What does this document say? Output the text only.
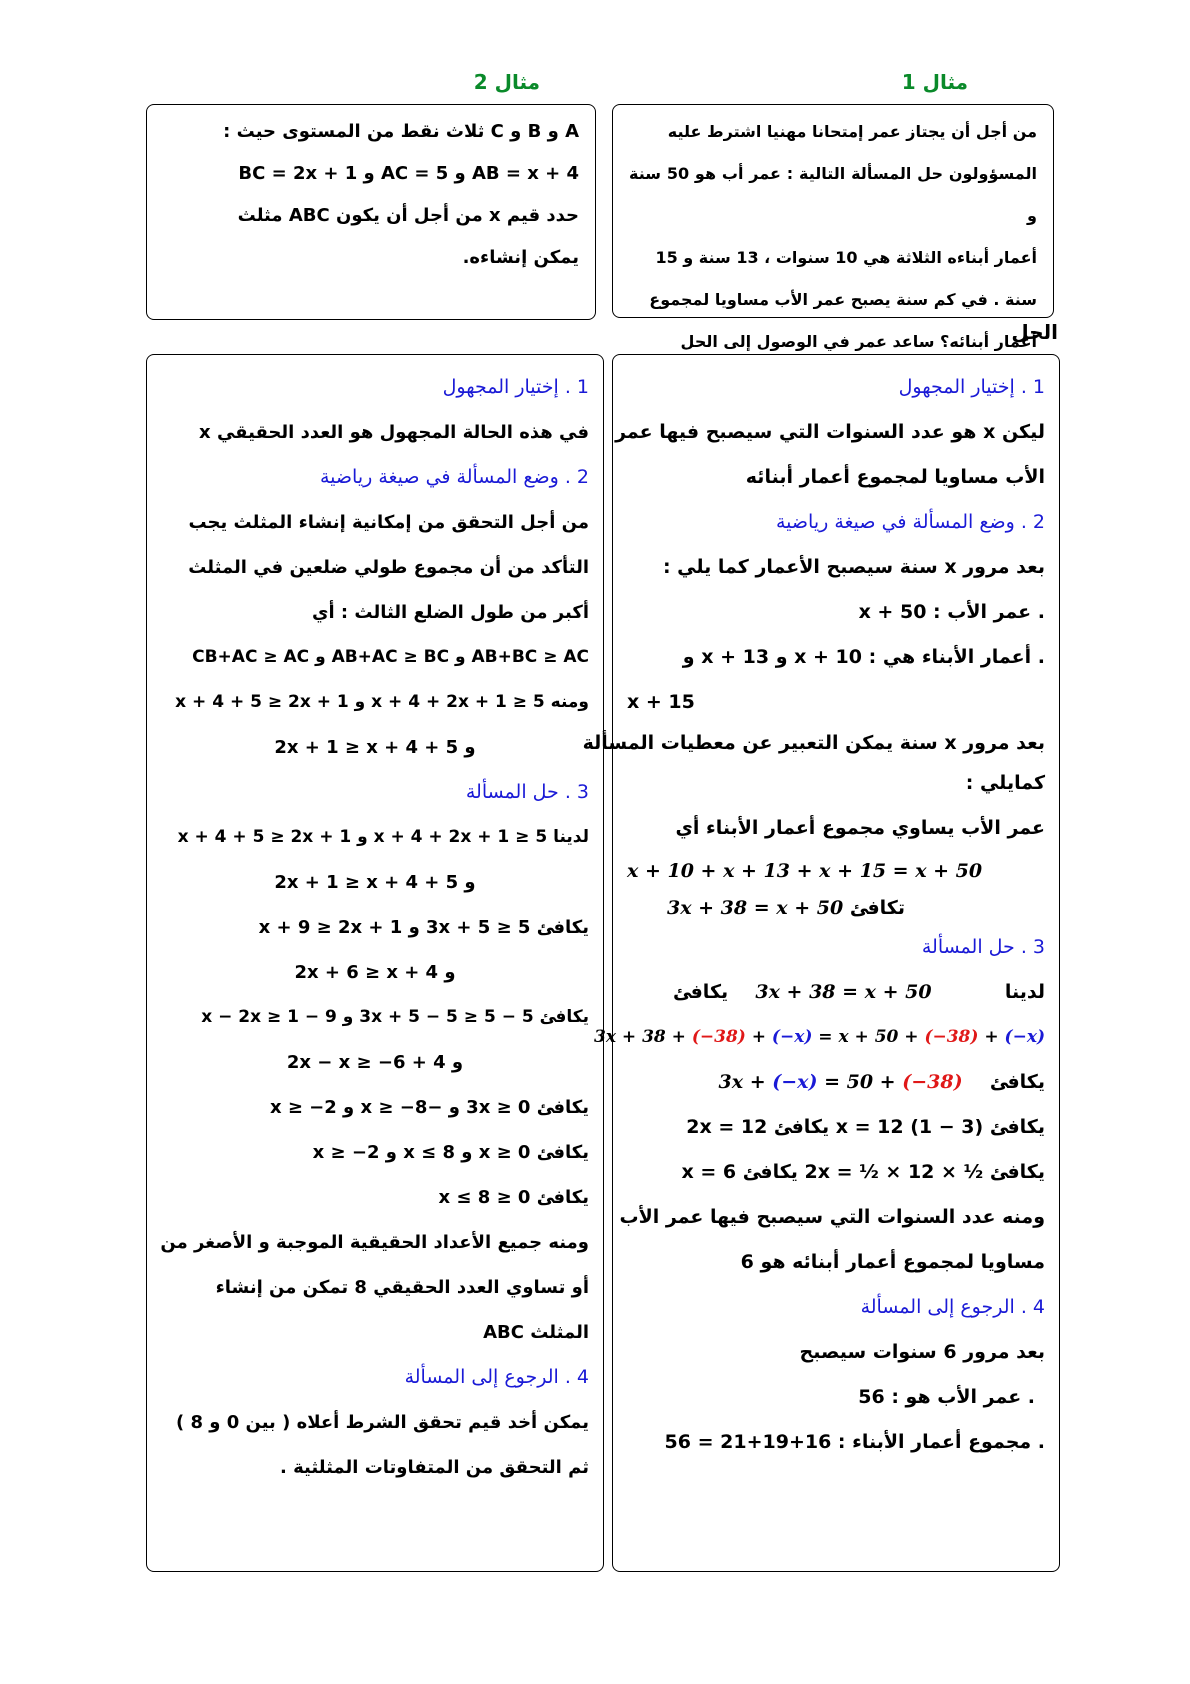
مثال 1
مثال 2
من أجل أن يجتاز عمر إمتحانا مهنيا اشترط عليه
المسؤولون حل المسألة التالية : عمر أب هو 50 سنة و
أعمار أبناءه الثلاثة هي 10 سنوات ، 13 سنة و 15
سنة . في كم سنة يصبح عمر الأب مساويا لمجموع
أعمار أبنائه؟ ساعد عمر في الوصول إلى الحل
A و B و C ثلاث نقط من المستوى حيث :
AB = x + 4 و AC = 5 و BC = 2x + 1
حدد قيم x من أجل أن يكون ABC مثلث
يمكن إنشاءه.
الحل
1 . إختيار المجهول
ليكن x هو عدد السنوات التي سيصبح فيها عمر
الأب مساويا لمجموع أعمار أبنائه
2 . وضع المسألة في صيغة رياضية
بعد مرور x سنة سيصبح الأعمار كما يلي :
. عمر الأب : x + 50
. أعمار الأبناء هي : x + 10 و x + 13 و
x + 15
بعد مرور x سنة يمكن التعبير عن معطيات المسألة
كمايلي :
عمر الأب يساوي مجموع أعمار الأبناء أي
x + 10 + x + 13 + x + 15 = x + 50
تكافئ 3x + 38 = x + 50
3 . حل المسألة
لدينا  3x + 38 = x + 50  يكافئ
3x + 38 + (−38) + (−x) = x + 50 + (−38) + (−x)
يكافئ  3x + (−x) = 50 + (−38)
يكافئ (3 − 1) x = 12 يكافئ 2x = 12
يكافئ ½ × 2x = ½ × 12 يكافئ x = 6
ومنه عدد السنوات التي سيصبح فيها عمر الأب
مساويا لمجموع أعمار أبنائه هو 6
4 . الرجوع إلى المسألة
بعد مرور 6 سنوات سيصبح
. عمر الأب هو : 56
. مجموع أعمار الأبناء : 16+19+21 = 56
1 . إختيار المجهول
في هذه الحالة المجهول هو العدد الحقيقي x
2 . وضع المسألة في صيغة رياضية
من أجل التحقق من إمكانية إنشاء المثلث يجب
التأكد من أن مجموع طولي ضلعين في المثلث
أكبر من طول الضلع الثالث : أي
AB+BC ≥ AC و AB+AC ≥ BC و CB+AC ≥ AC
ومنه x + 4 + 2x + 1 ≥ 5 و x + 4 + 5 ≥ 2x + 1
و 5 + 2x + 1 ≥ x + 4
3 . حل المسألة
لدينا x + 4 + 2x + 1 ≥ 5 و x + 4 + 5 ≥ 2x + 1
و 5 + 2x + 1 ≥ x + 4
يكافئ 3x + 5 ≥ 5 و x + 9 ≥ 2x + 1
و 2x + 6 ≥ x + 4
يكافئ 3x + 5 − 5 ≥ 5 − 5 و x − 2x ≥ 1 − 9
و 2x − x ≥ −6 + 4
يكافئ 3x ≥ 0 و −x ≥ −8 و x ≥ −2
يكافئ x ≥ 0 و x ≤ 8 و x ≥ −2
يكافئ 0 ≤ x ≤ 8
ومنه جميع الأعداد الحقيقية الموجبة و الأصغر من
أو تساوي العدد الحقيقي 8 تمكن من إنشاء
المثلث ABC
4 . الرجوع إلى المسألة
يمكن أخد قيم تحقق الشرط أعلاه ( بين 0 و 8 )
ثم التحقق من المتفاوتات المثلثية .
